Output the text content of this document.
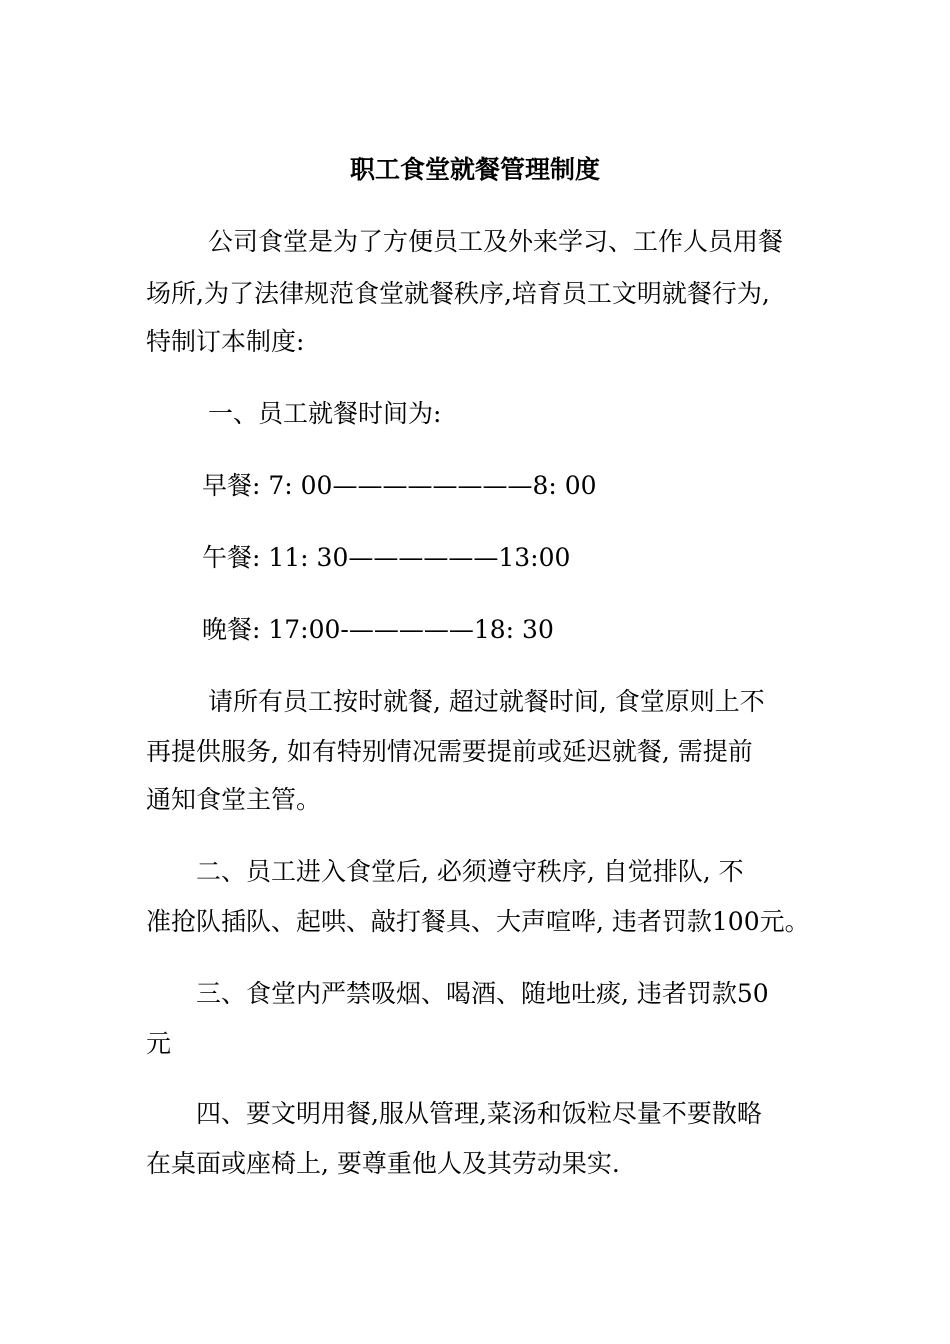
职工食堂就餐管理制度
公司食堂是为了方便员工及外来学习、工作人员用餐
场所,为了法律规范食堂就餐秩序,培育员工文明就餐行为,
特制订本制度:
一、员工就餐时间为:
早餐: 7: 00————————8: 00
午餐: 11: 30——————13:00
晚餐: 17:00-—————18: 30
请所有员工按时就餐, 超过就餐时间, 食堂原则上不
再提供服务, 如有特别情况需要提前或延迟就餐, 需提前
通知食堂主管。
二、员工进入食堂后, 必须遵守秩序, 自觉排队, 不
准抢队插队、起哄、敲打餐具、大声喧哗, 违者罚款100元。
三、食堂内严禁吸烟、喝酒、随地吐痰, 违者罚款50
元
四、要文明用餐,服从管理,菜汤和饭粒尽量不要散略
在桌面或座椅上, 要尊重他人及其劳动果实.
